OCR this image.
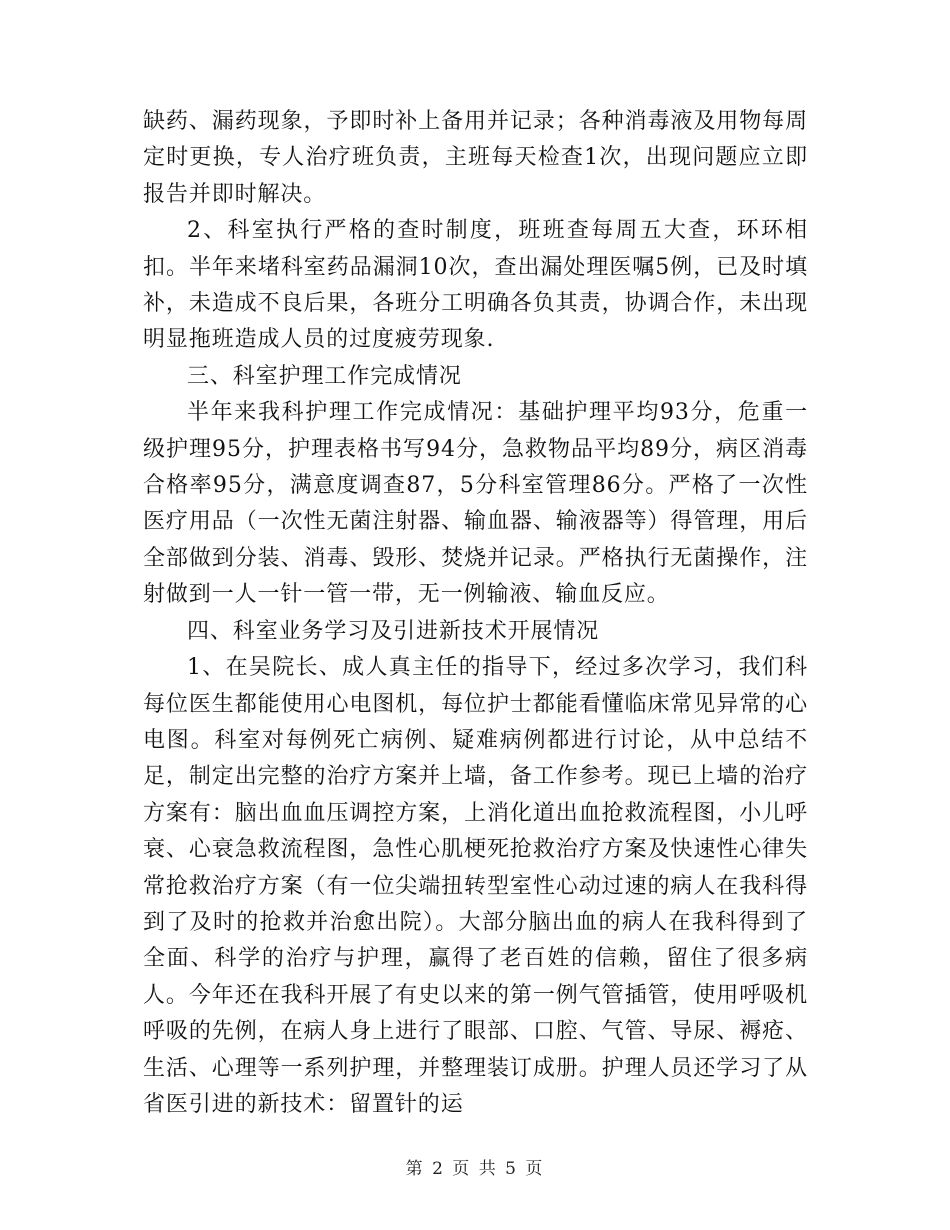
缺药、漏药现象，予即时补上备用并记录；各种消毒液及用物每周定时更换，专人治疗班负责，主班每天检查1次，出现问题应立即报告并即时解决。

2、科室执行严格的查时制度，班班查每周五大查，环环相扣。半年来堵科室药品漏洞10次，查出漏处理医嘱5例，已及时填补，未造成不良后果，各班分工明确各负其责，协调合作，未出现明显拖班造成人员的过度疲劳现象.

三、科室护理工作完成情况

半年来我科护理工作完成情况：基础护理平均93分，危重一级护理95分，护理表格书写94分，急救物品平均89分，病区消毒合格率95分，满意度调查87，5分科室管理86分。严格了一次性医疗用品（一次性无菌注射器、输血器、输液器等）得管理，用后全部做到分装、消毒、毁形、焚烧并记录。严格执行无菌操作，注射做到一人一针一管一带，无一例输液、输血反应。

四、科室业务学习及引进新技术开展情况

1、在吴院长、成人真主任的指导下，经过多次学习，我们科每位医生都能使用心电图机，每位护士都能看懂临床常见异常的心电图。科室对每例死亡病例、疑难病例都进行讨论，从中总结不足，制定出完整的治疗方案并上墙，备工作参考。现已上墙的治疗方案有：脑出血血压调控方案，上消化道出血抢救流程图，小儿呼衰、心衰急救流程图，急性心肌梗死抢救治疗方案及快速性心律失常抢救治疗方案（有一位尖端扭转型室性心动过速的病人在我科得到了及时的抢救并治愈出院）。大部分脑出血的病人在我科得到了全面、科学的治疗与护理，赢得了老百姓的信赖，留住了很多病人。今年还在我科开展了有史以来的第一例气管插管，使用呼吸机呼吸的先例，在病人身上进行了眼部、口腔、气管、导尿、褥疮、生活、心理等一系列护理，并整理装订成册。护理人员还学习了从省医引进的新技术：留置针的运

第 2 页 共 5 页
